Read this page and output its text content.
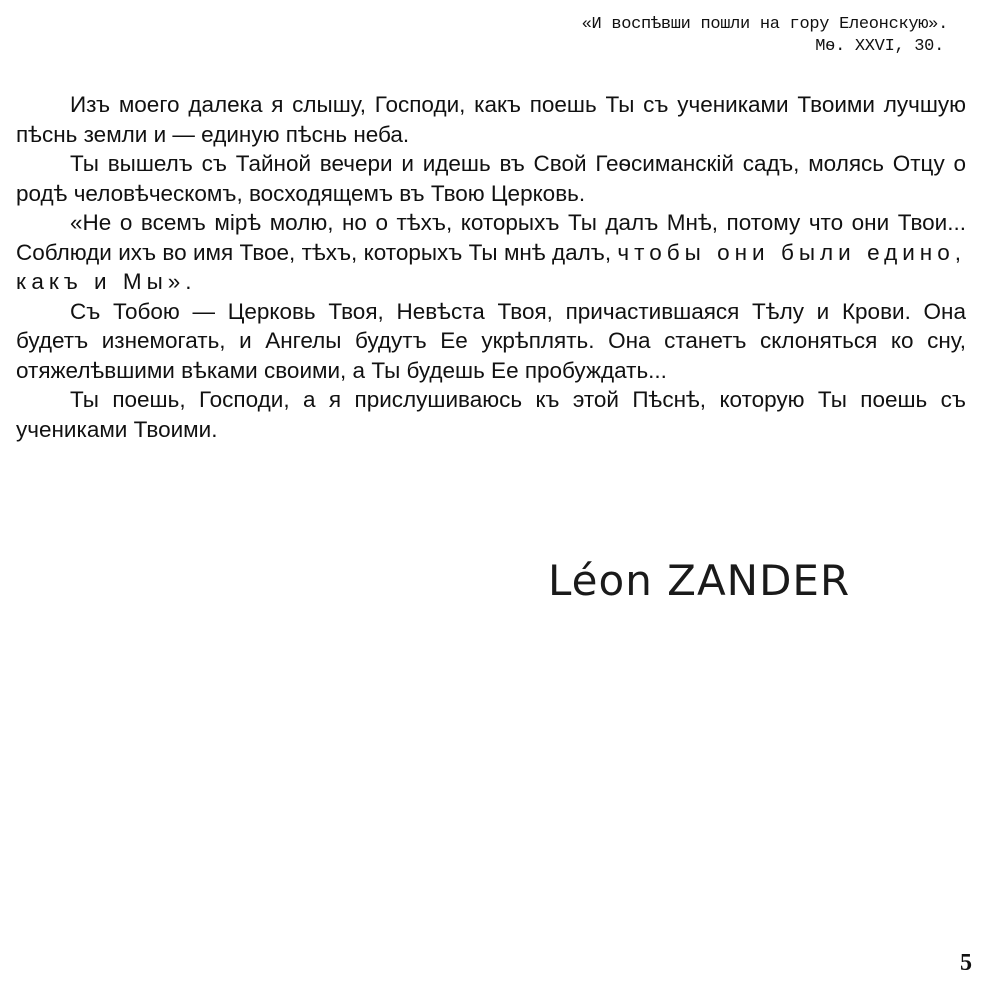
«И воспѣвши пошли на гору Елеонскую».
Мѳ. XXVI, 30.

Изъ моего далека я слышу, Господи, какъ поешь Ты съ учениками Твоими лучшую пѣснь земли и — единую пѣснь неба.

Ты вышелъ съ Тайной вечери и идешь въ Свой Геѳсиманскій садъ, молясь Отцу о родѣ человѣческомъ, восходящемъ въ Твою Церковь.

«Не о всемъ мірѣ молю, но о тѣхъ, которыхъ Ты далъ Мнѣ, потому что они Твои... Соблюди ихъ во имя Твое, тѣхъ, которыхъ Ты мнѣ далъ, чтобы они были едино, какъ и Мы».

Съ Тобою — Церковь Твоя, Невѣста Твоя, причастившаяся Тѣлу и Крови. Она будетъ изнемогать, и Ангелы будутъ Ее укрѣплять. Она станетъ склоняться ко сну, отяжелѣвшими вѣками своими, а Ты будешь Ее пробуждать...

Ты поешь, Господи, а я прислушиваюсь къ этой Пѣснѣ, которую Ты поешь съ учениками Твоими.

Léon ZANDER
5
